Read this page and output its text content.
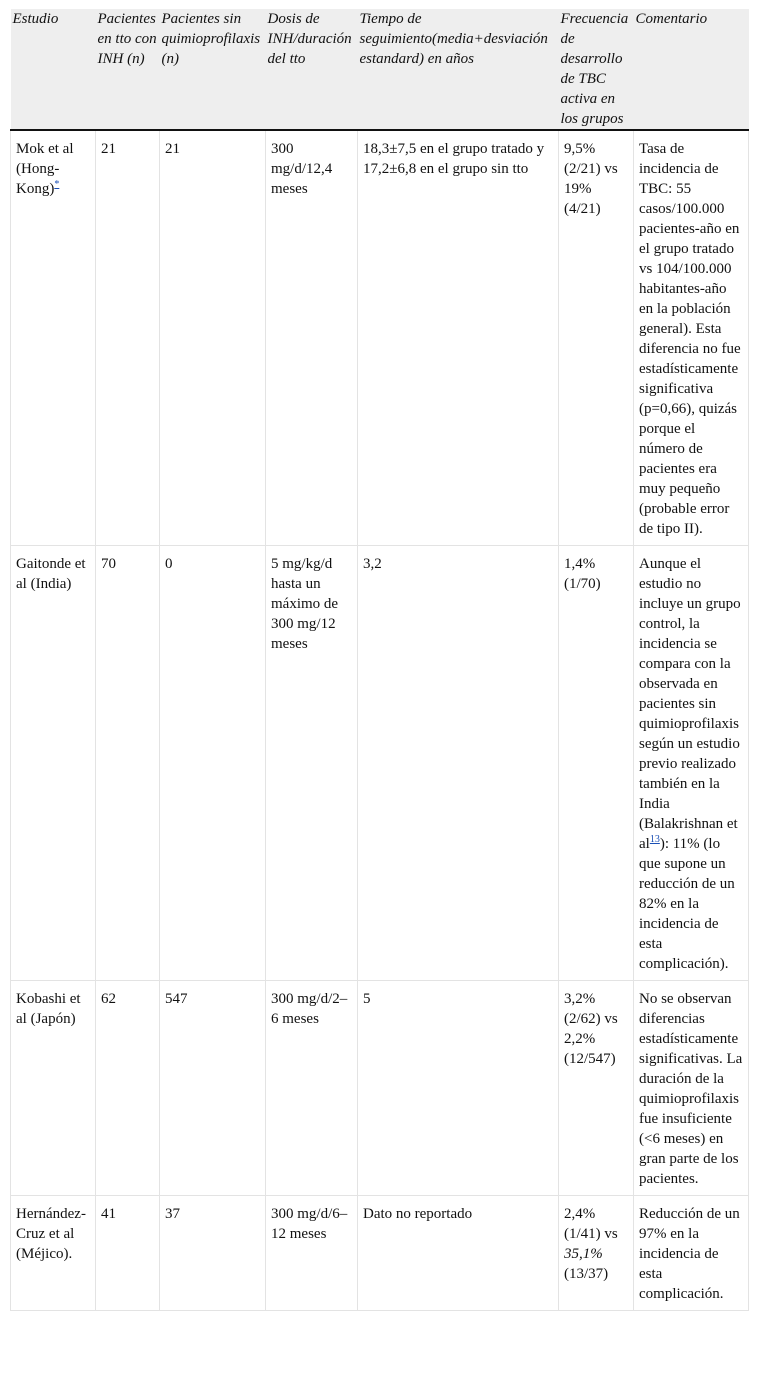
Estudio	Pacientes en tto con INH (n)	Pacientes sin quimioprofilaxis (n)	Dosis de INH/duración del tto	Tiempo de seguimiento(media+desviación estandard) en años	Frecuencia de desarrollo de TBC activa en los grupos	Comentario
Mok et al (Hong-Kong)*	21	21	300 mg/d/12,4 meses	18,3±7,5 en el grupo tratado y 17,2±6,8 en el grupo sin tto	9,5% (2/21) vs 19% (4/21)	Tasa de incidencia de TBC: 55 casos/100.000 pacientes-año en el grupo tratado vs 104/100.000 habitantes-año en la población general). Esta diferencia no fue estadísticamente significativa (p=0,66), quizás porque el número de pacientes era muy pequeño (probable error de tipo II).
Gaitonde et al (India)	70	0	5 mg/kg/d hasta un máximo de 300 mg/12 meses	3,2	1,4% (1/70)	Aunque el estudio no incluye un grupo control, la incidencia se compara con la observada en pacientes sin quimioprofilaxis según un estudio previo realizado también en la India (Balakrishnan et al$^{13}$): 11% (lo que supone un reducción de un 82% en la incidencia de esta complicación).
Kobashi et al (Japón)	62	547	300 mg/d/2–6 meses	5	3,2% (2/62) vs 2,2% (12/547)	No se observan diferencias estadísticamente significativas. La duración de la quimioprofilaxis fue insuficiente (<6 meses) en gran parte de los pacientes.
Hernández-Cruz et al (Méjico).	41	37	300 mg/d/6–12 meses	Dato no reportado	2,4% (1/41) vs 35,1% (13/37)	Reducción de un 97% en la incidencia de esta complicación.
